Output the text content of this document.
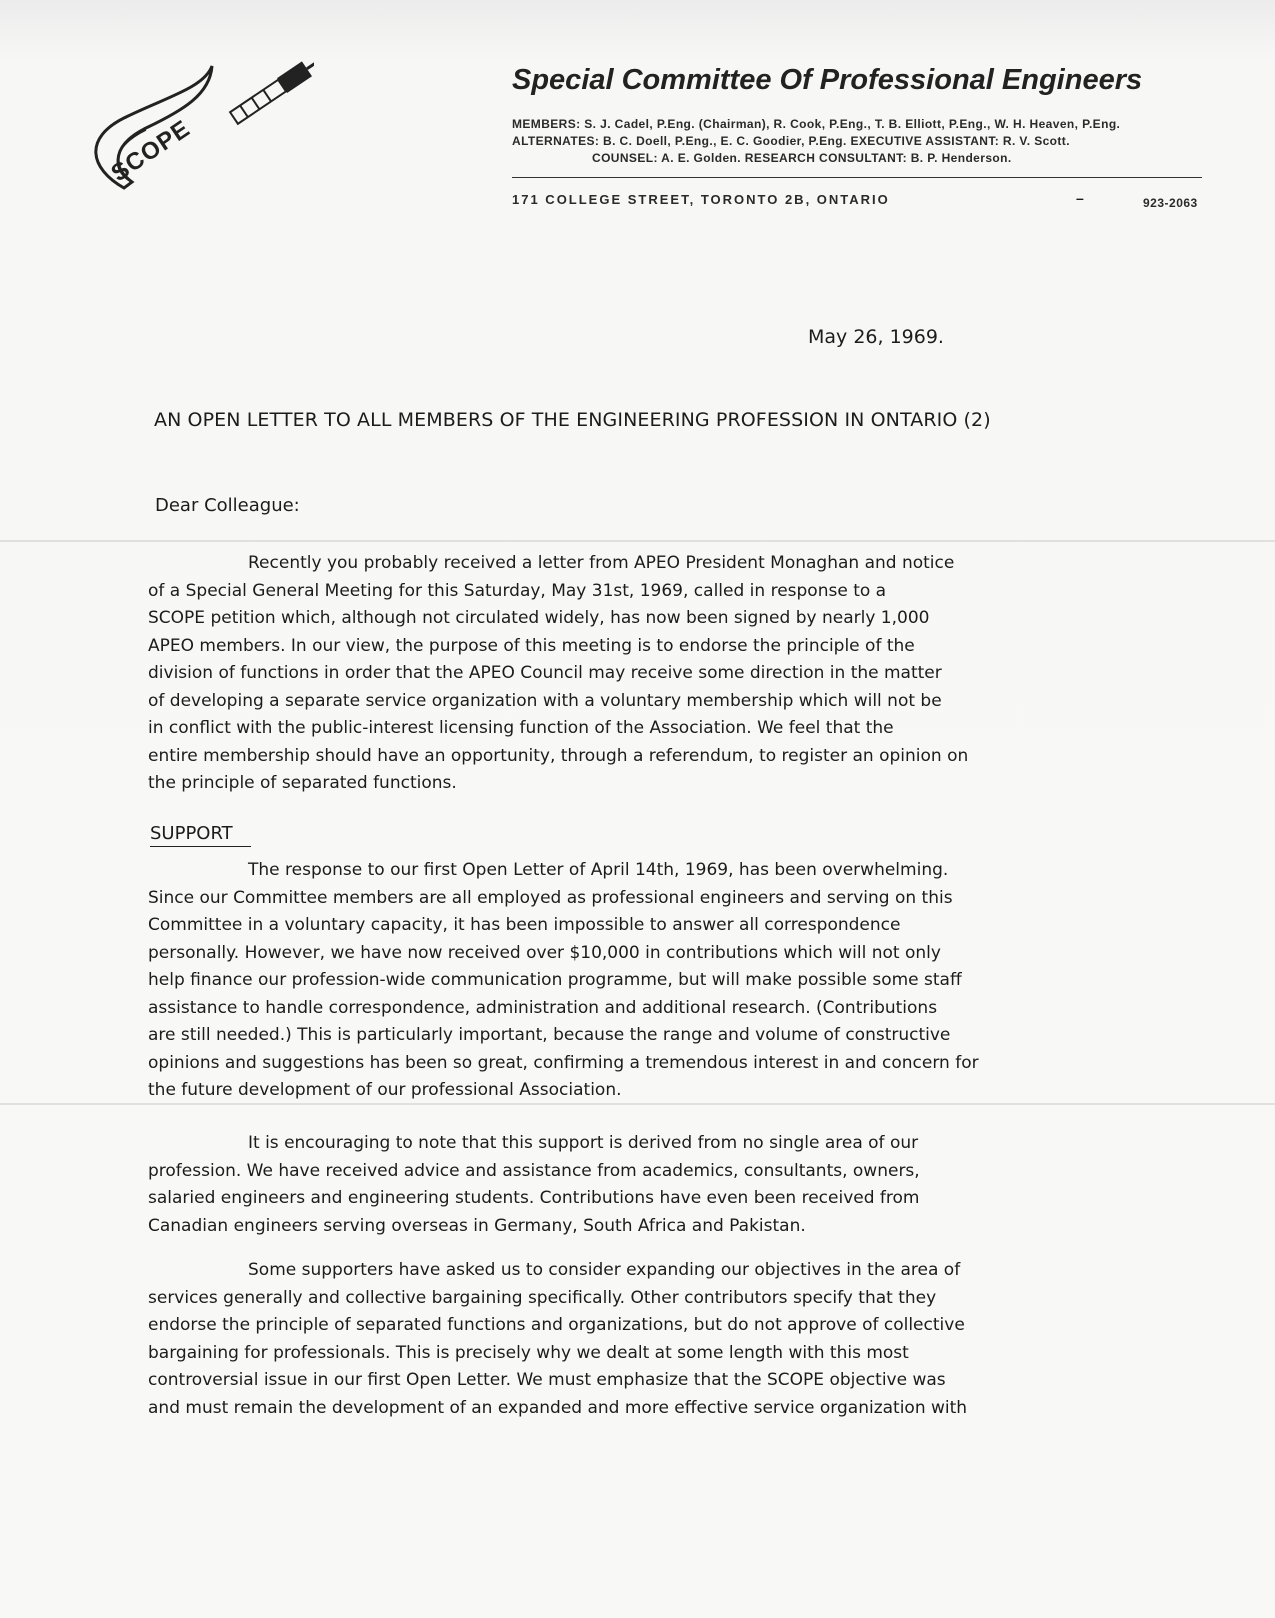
SCOPE
Special Committee Of Professional Engineers
MEMBERS: S. J. Cadel, P.Eng. (Chairman), R. Cook, P.Eng., T. B. Elliott, P.Eng., W. H. Heaven, P.Eng.
ALTERNATES: B. C. Doell, P.Eng., E. C. Goodier, P.Eng. EXECUTIVE ASSISTANT: R. V. Scott.
COUNSEL: A. E. Golden. RESEARCH CONSULTANT: B. P. Henderson.
171 COLLEGE STREET, TORONTO 2B, ONTARIO	–	923-2063
May 26, 1969.
AN OPEN LETTER TO ALL MEMBERS OF THE ENGINEERING PROFESSION IN ONTARIO (2)
Dear Colleague:
Recently you probably received a letter from APEO President Monaghan and notice
of a Special General Meeting for this Saturday, May 31st, 1969, called in response to a
SCOPE petition which, although not circulated widely, has now been signed by nearly 1,000
APEO members. In our view, the purpose of this meeting is to endorse the principle of the
division of functions in order that the APEO Council may receive some direction in the matter
of developing a separate service organization with a voluntary membership which will not be
in conflict with the public-interest licensing function of the Association. We feel that the
entire membership should have an opportunity, through a referendum, to register an opinion on
the principle of separated functions.
SUPPORT
The response to our first Open Letter of April 14th, 1969, has been overwhelming.
Since our Committee members are all employed as professional engineers and serving on this
Committee in a voluntary capacity, it has been impossible to answer all correspondence
personally. However, we have now received over $10,000 in contributions which will not only
help finance our profession-wide communication programme, but will make possible some staff
assistance to handle correspondence, administration and additional research. (Contributions
are still needed.) This is particularly important, because the range and volume of constructive
opinions and suggestions has been so great, confirming a tremendous interest in and concern for
the future development of our professional Association.
It is encouraging to note that this support is derived from no single area of our
profession. We have received advice and assistance from academics, consultants, owners,
salaried engineers and engineering students. Contributions have even been received from
Canadian engineers serving overseas in Germany, South Africa and Pakistan.
Some supporters have asked us to consider expanding our objectives in the area of
services generally and collective bargaining specifically. Other contributors specify that they
endorse the principle of separated functions and organizations, but do not approve of collective
bargaining for professionals. This is precisely why we dealt at some length with this most
controversial issue in our first Open Letter. We must emphasize that the SCOPE objective was
and must remain the development of an expanded and more effective service organization with
